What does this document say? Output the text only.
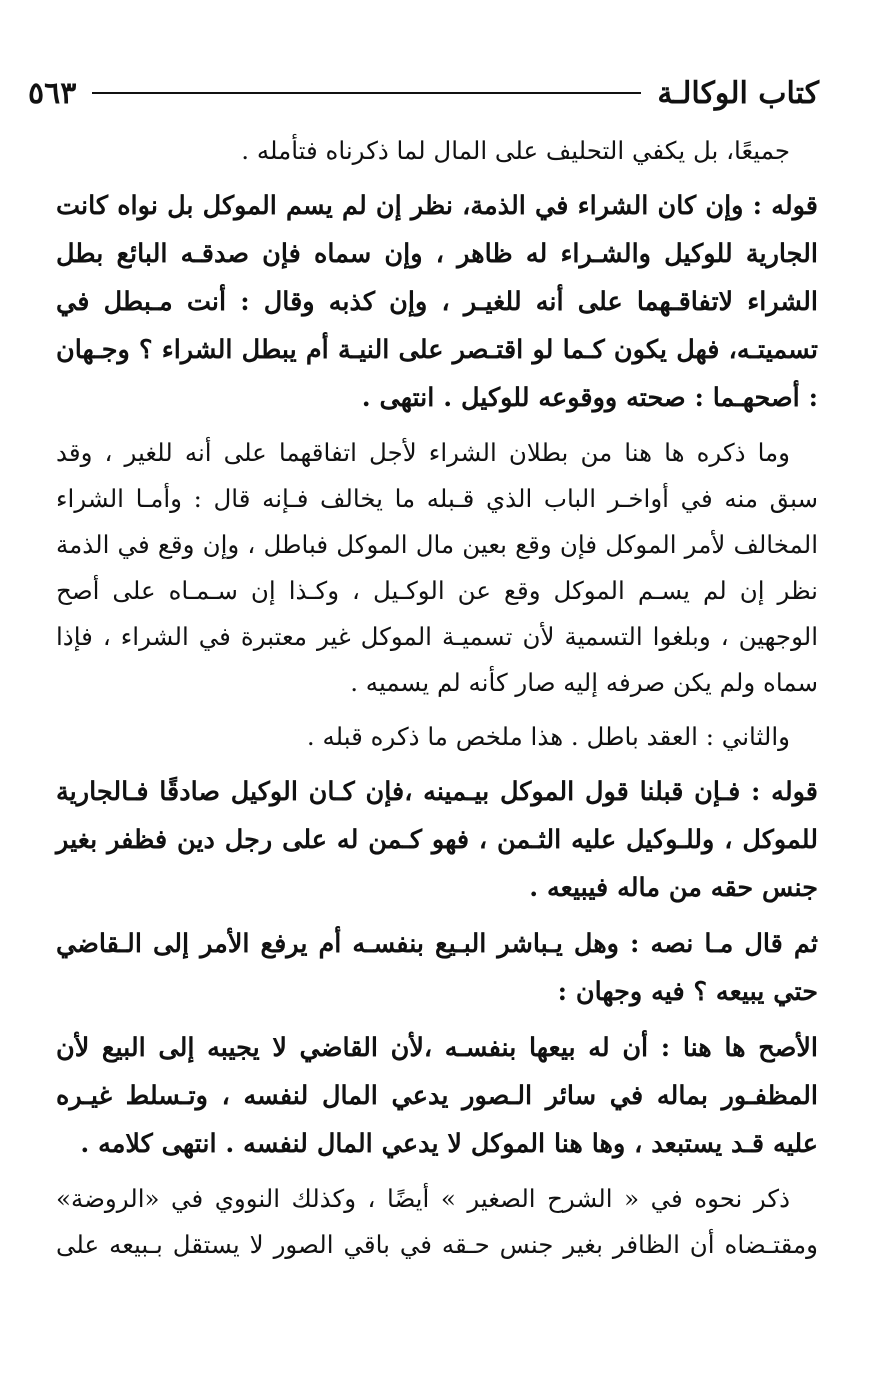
٥٦٣	كتاب الوكالـة

جميعًا، بل يكفي التحليف على المال لما ذكرناه فتأمله .

قوله : وإن كان الشراء في الذمة، نظر إن لم يسم الموكل بل نواه كانت الجارية للوكيل والشـراء له ظاهر ، وإن سماه فإن صدقـه البائع بطل الشراء لاتفاقـهما على أنه للغيـر ، وإن كذبه وقال : أنت مـبطل في تسميتـه، فهل يكون كـما لو اقتـصر على النيـة أم يبطل الشراء ؟ وجـهان : أصحهـما : صحته ووقوعه للوكيل . انتهى .

وما ذكره ها هنا من بطلان الشراء لأجل اتفاقهما على أنه للغير ، وقد سبق منه في أواخـر الباب الذي قـبله ما يخالف فـإنه قال : وأمـا الشراء المخالف لأمر الموكل فإن وقع بعين مال الموكل فباطل ، وإن وقع في الذمة نظر إن لم يسـم الموكل وقع عن الوكـيل ، وكـذا إن سـمـاه على أصح الوجهين ، وبلغوا التسمية لأن تسميـة الموكل غير معتبرة في الشراء ، فإذا سماه ولم يكن صرفه إليه صار كأنه لم يسميه .

والثاني : العقد باطل . هذا ملخص ما ذكره قبله .

قوله : فـإن قبلنا قول الموكل بيـمينه ،فإن كـان الوكيل صادقًا فـالجارية للموكل ، وللـوكيل عليه الثـمن ، فهو كـمن له على رجل دين فظفر بغير جنس حقه من ماله فيبيعه .

ثم قال مـا نصه : وهل يـباشر البـيع بنفسـه أم يرفع الأمر إلى الـقاضي حتي يبيعه ؟ فيه وجهان :

الأصح ها هنا : أن له بيعها بنفسـه ،لأن القاضي لا يجيبه إلى البيع لأن المظفـور بماله في سائر الـصور يدعي المال لنفسه ، وتـسلط غيـره عليه قـد يستبعد ، وها هنا الموكل لا يدعي المال لنفسه . انتهى كلامه .

ذكر نحوه في « الشرح الصغير » أيضًا ، وكذلك النووي في «الروضة» ومقتـضاه أن الظافر بغير جنس حـقه في باقي الصور لا يستقل بـبيعه على
